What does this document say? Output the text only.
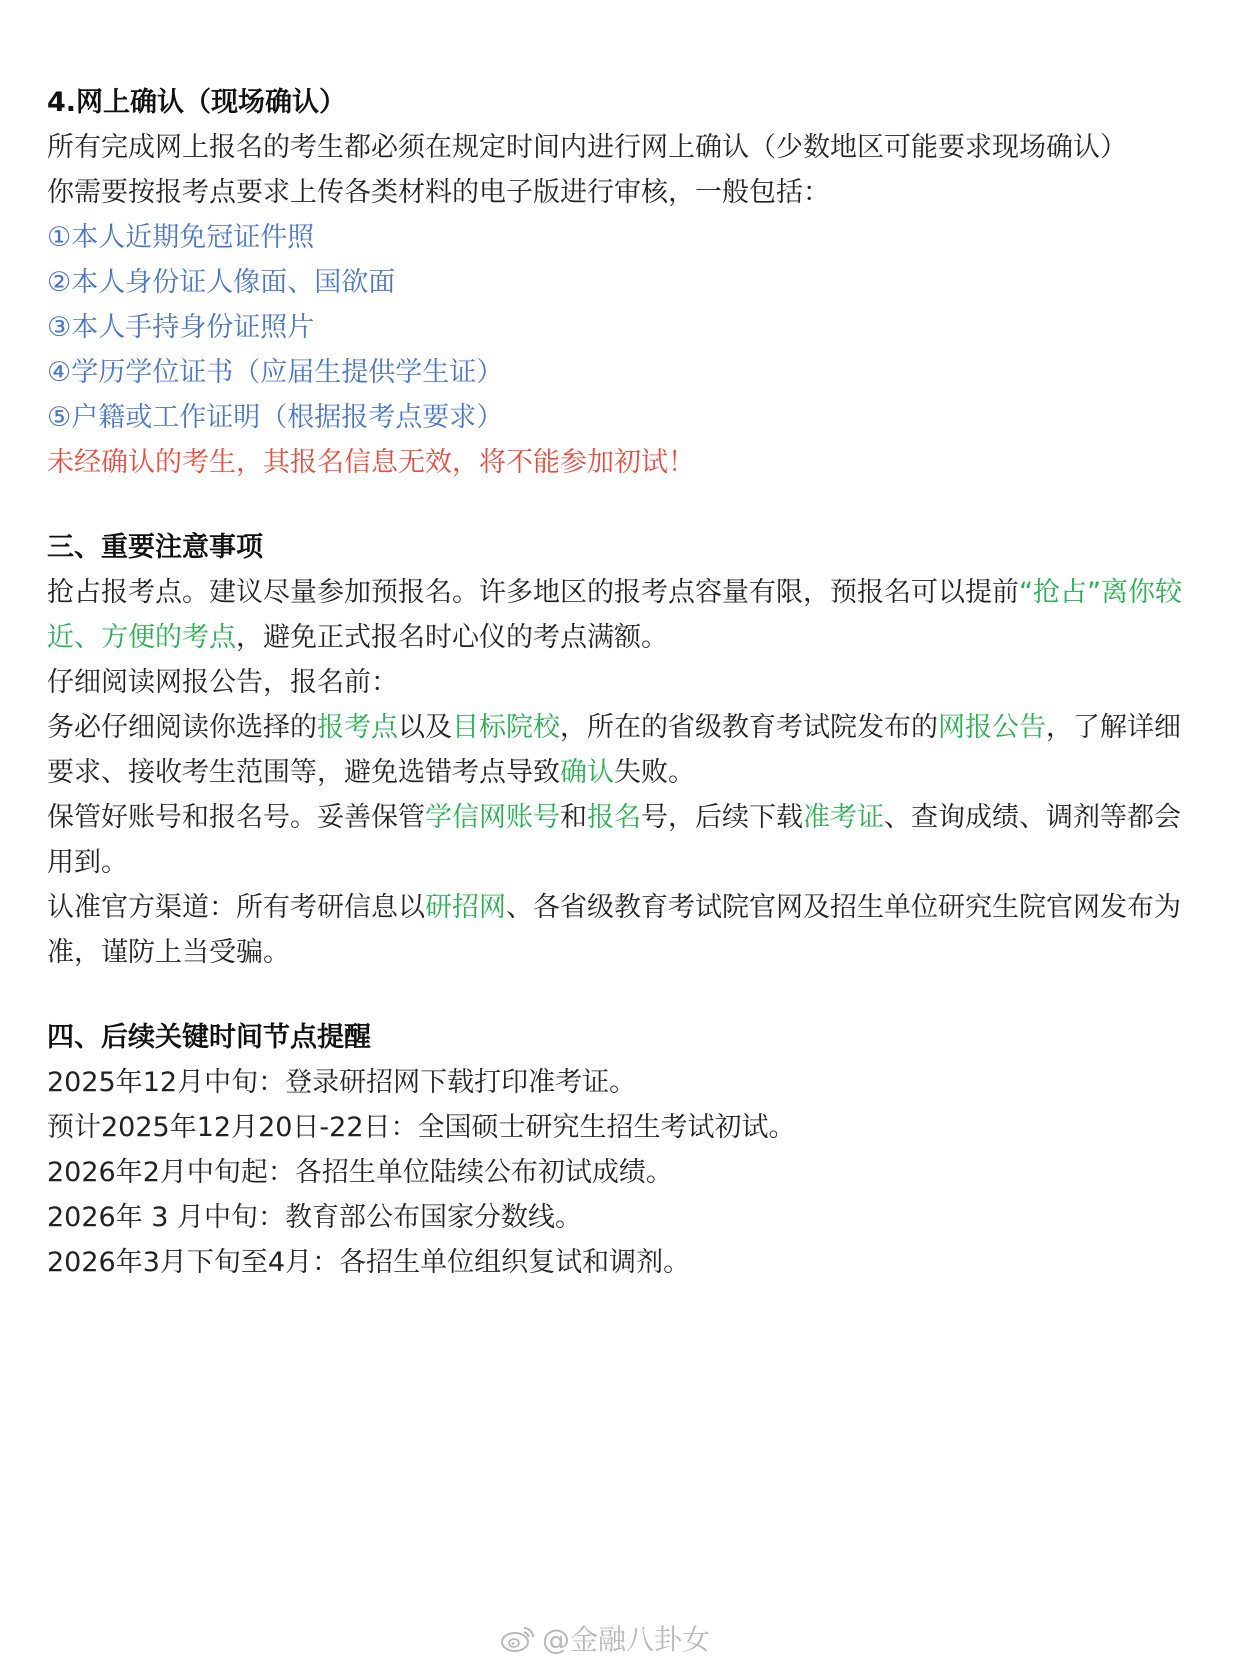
4.网上确认（现场确认）
所有完成网上报名的考生都必须在规定时间内进行网上确认（少数地区可能要求现场确认）
你需要按报考点要求上传各类材料的电子版进行审核，一般包括：
①本人近期免冠证件照
②本人身份证人像面、国欲面
③本人手持身份证照片
④学历学位证书（应届生提供学生证）
⑤户籍或工作证明（根据报考点要求）
未经确认的考生，其报名信息无效，将不能参加初试！
三、重要注意事项
抢占报考点。建议尽量参加预报名。许多地区的报考点容量有限，预报名可以提前“抢占”离你较近、方便的考点，避免正式报名时心仪的考点满额。
仔细阅读网报公告，报名前：
务必仔细阅读你选择的报考点以及目标院校，所在的省级教育考试院发布的网报公告，了解详细要求、接收考生范围等，避免选错考点导致确认失败。
保管好账号和报名号。妥善保管学信网账号和报名号，后续下载准考证、查询成绩、调剂等都会用到。
认准官方渠道：所有考研信息以研招网、各省级教育考试院官网及招生单位研究生院官网发布为准，谨防上当受骗。
四、后续关键时间节点提醒
2025年12月中旬：登录研招网下载打印准考证。
预计2025年12月20日-22日：全国硕士研究生招生考试初试。
2026年2月中旬起：各招生单位陆续公布初试成绩。
2026年 3 月中旬：教育部公布国家分数线。
2026年3月下旬至4月：各招生单位组织复试和调剂。
@金融八卦女
